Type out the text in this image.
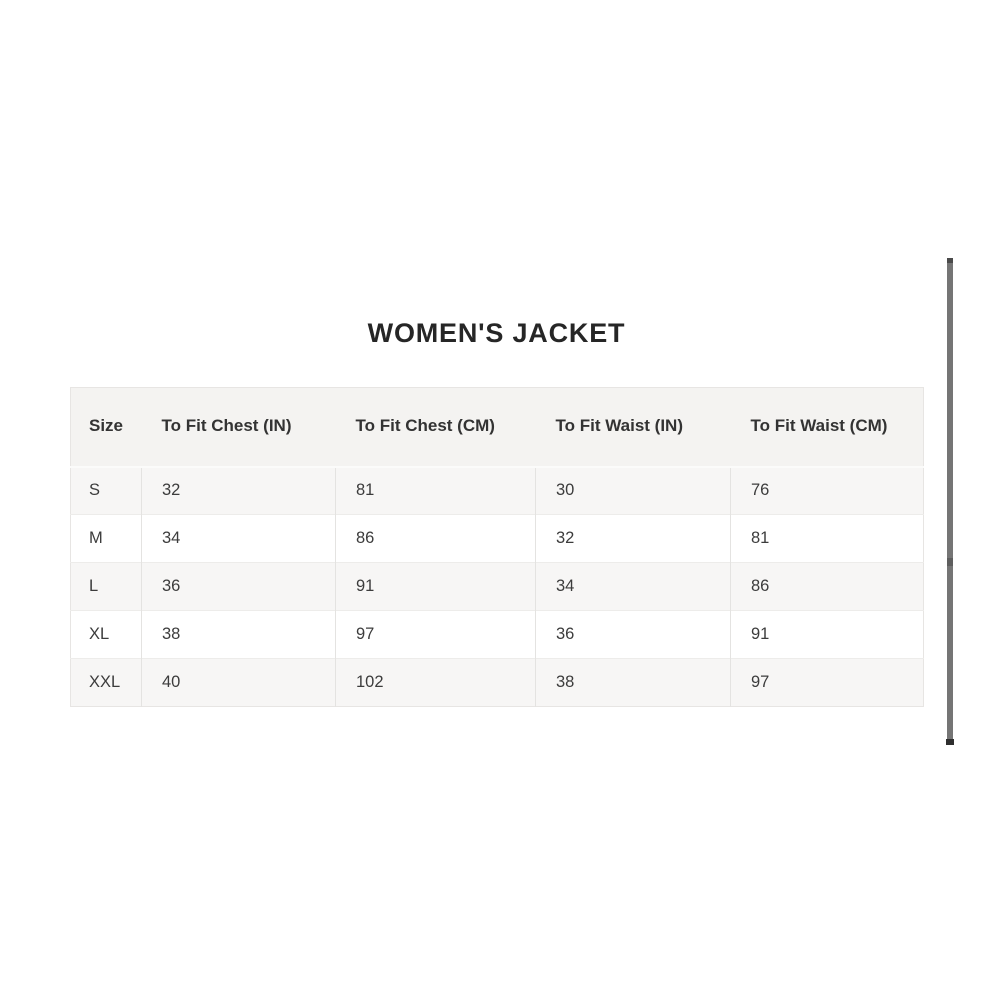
WOMEN'S JACKET
Size	To Fit Chest (IN)	To Fit Chest (CM)	To Fit Waist (IN)	To Fit Waist (CM)
S	32	81	30	76
M	34	86	32	81
L	36	91	34	86
XL	38	97	36	91
XXL	40	102	38	97
